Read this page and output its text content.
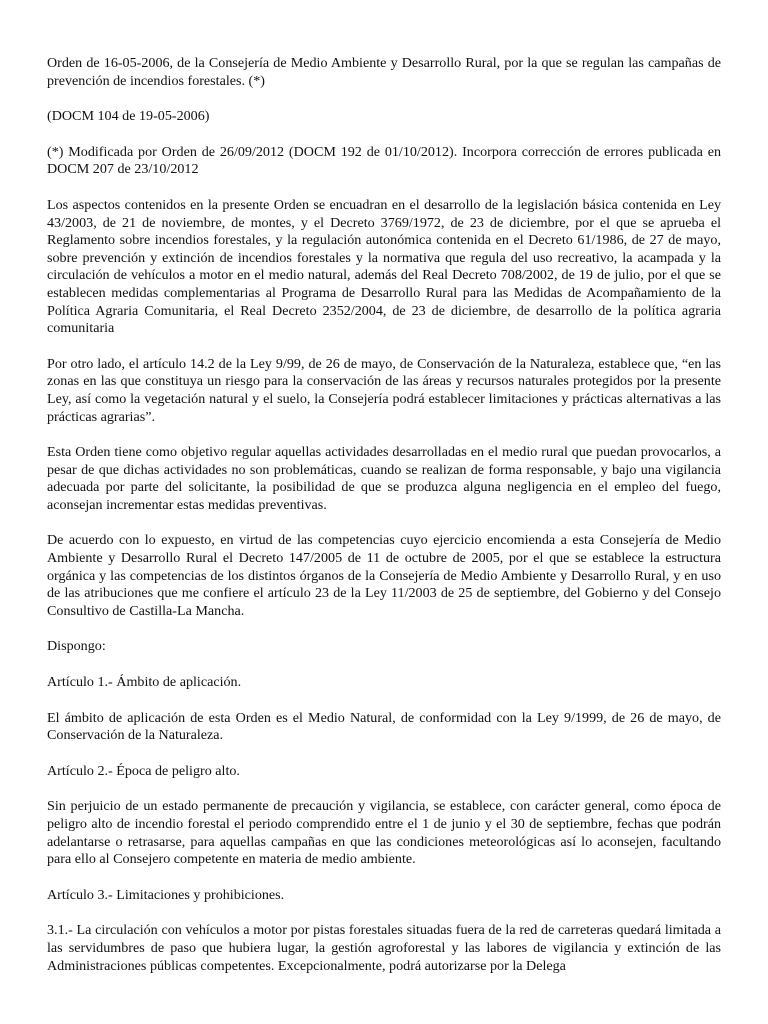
Orden de 16-05-2006, de la Consejería de Medio Ambiente y Desarrollo Rural, por la que se regulan las campañas de prevención de incendios forestales. (*)

(DOCM 104 de 19-05-2006)

(*) Modificada por Orden de 26/09/2012 (DOCM 192 de 01/10/2012). Incorpora corrección de errores publicada en DOCM 207 de 23/10/2012

Los aspectos contenidos en la presente Orden se encuadran en el desarrollo de la legislación básica contenida en Ley 43/2003, de 21 de noviembre, de montes, y el Decreto 3769/1972, de 23 de diciembre, por el que se aprueba el Reglamento sobre incendios forestales, y la regulación autonómica contenida en el Decreto 61/1986, de 27 de mayo, sobre prevención y extinción de incendios forestales y la normativa que regula del uso recreativo, la acampada y la circulación de vehículos a motor en el medio natural, además del Real Decreto 708/2002, de 19 de julio, por el que se establecen medidas complementarias al Programa de Desarrollo Rural para las Medidas de Acompañamiento de la Política Agraria Comunitaria, el Real Decreto 2352/2004, de 23 de diciembre, de desarrollo de la política agraria comunitaria

Por otro lado, el artículo 14.2 de la Ley 9/99, de 26 de mayo, de Conservación de la Naturaleza, establece que, “en las zonas en las que constituya un riesgo para la conservación de las áreas y recursos naturales protegidos por la presente Ley, así como la vegetación natural y el suelo, la Consejería podrá establecer limitaciones y prácticas alternativas a las prácticas agrarias”.

Esta Orden tiene como objetivo regular aquellas actividades desarrolladas en el medio rural que puedan provocarlos, a pesar de que dichas actividades no son problemáticas, cuando se realizan de forma responsable, y bajo una vigilancia adecuada por parte del solicitante, la posibilidad de que se produzca alguna negligencia en el empleo del fuego, aconsejan incrementar estas medidas preventivas.

De acuerdo con lo expuesto, en virtud de las competencias cuyo ejercicio encomienda a esta Consejería de Medio Ambiente y Desarrollo Rural el Decreto 147/2005 de 11 de octubre de 2005, por el que se establece la estructura orgánica y las competencias de los distintos órganos de la Consejería de Medio Ambiente y Desarrollo Rural, y en uso de las atribuciones que me confiere el artículo 23 de la Ley 11/2003 de 25 de septiembre, del Gobierno y del Consejo Consultivo de Castilla-La Mancha.

Dispongo:

Artículo 1.- Ámbito de aplicación.

El ámbito de aplicación de esta Orden es el Medio Natural, de conformidad con la Ley 9/1999, de 26 de mayo, de Conservación de la Naturaleza.

Artículo 2.- Época de peligro alto.

Sin perjuicio de un estado permanente de precaución y vigilancia, se establece, con carácter general, como época de peligro alto de incendio forestal el periodo comprendido entre el 1 de junio y el 30 de septiembre, fechas que podrán adelantarse o retrasarse, para aquellas campañas en que las condiciones meteorológicas así lo aconsejen, facultando para ello al Consejero competente en materia de medio ambiente.

Artículo 3.- Limitaciones y prohibiciones.

3.1.- La circulación con vehículos a motor por pistas forestales situadas fuera de la red de carreteras quedará limitada a las servidumbres de paso que hubiera lugar, la gestión agroforestal y las labores de vigilancia y extinción de las Administraciones públicas competentes. Excepcionalmente, podrá autorizarse por la Delega
